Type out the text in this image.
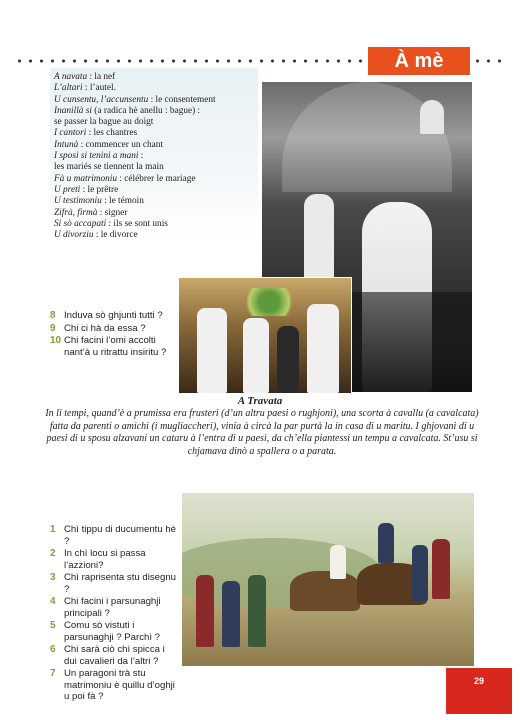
À mè
A navata : la nef
L’altari : l’autel.
U cunsentu, l’accunsentu : le consentement
Inanillà si (a radica hè anellu : bague) :
se passer la bague au doigt
I cantori : les chantres
Intunà : commencer un chant
I sposi si tenini a mani :
les mariés se tiennent la main
Fà u matrimoniu : célébrer le mariage
U preti : le prêtre
U testimoniu : le témoin
Zifrà, firmà : signer
Si sò accapati : ils se sont unis
U divorziu : le divorce
8 Induva sò ghjunti tutti ?
9 Chi ci hà da essa ?
10 Chi facini l’omi accolti nant’à u ritrattu insiritu ?
A Travata
In li tempi, quand’è a prumissa era frusteri (d’un altru paesi o rughjoni), una scorta à cavallu (a cavalcata) fatta da parenti o amichi (i mugliaccheri), vinia à circà la par purtà la in casa di u maritu. I ghjovani di u paesi di u sposu alzavani un cataru à l’entra di u paesi, da ch’ella piantessi un tempu a cavalcata. St’usu si chjamava dinò a spallera o a parata.
1 Chì tippu di ducumentu hè ?
2 In chì locu si passa l’azzioni?
3 Chì raprisenta stu disegnu ?
4 Chi facini i parsunaghji principali ?
5 Comu sò vistuti i parsunaghji ? Parchì ?
6 Chi sarà ciò chì spicca i dui cavalieri da l’altri ?
7 Un paragoni trà stu matrimoniu è quillu d’oghji u poi fà ?
29
